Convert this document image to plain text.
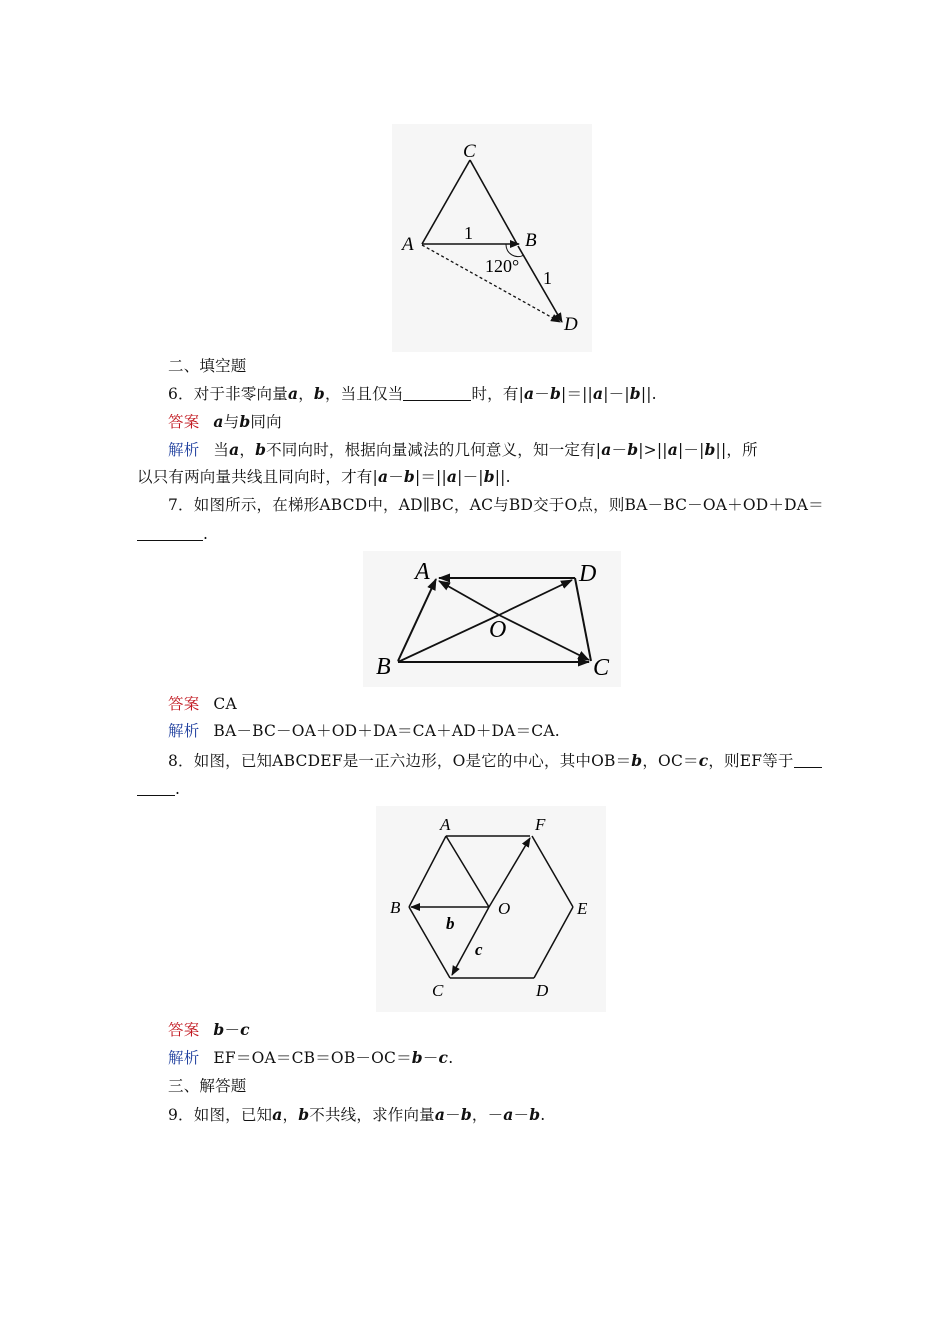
C
A	B
D
1
1
120°
二、填空题
6．对于非零向量a，b，当且仅当	时，有|a－b|＝||a|－|b||.
答案 a与b同向
解析 当a，b不同向时，根据向量减法的几何意义，知一定有|a－b|>||a|－|b||，所
以只有两向量共线且同向时，才有|a－b|＝||a|－|b||.
7．如图所示，在梯形ABCD中，AD∥BC，AC与BD交于O点，则BA－BC－OA＋OD＋DA＝
.
A	D
O
B	C
答案 CA
解析 BA－BC－OA＋OD＋DA＝CA＋AD＋DA＝CA.
8．如图，已知ABCDEF是一正六边形，O是它的中心，其中OB＝b，OC＝c，则EF等于
.
A	F
B	O	E
b
c
C	D
答案 b－c
解析 EF＝OA＝CB＝OB－OC＝b－c.
三、解答题
9．如图，已知a，b不共线，求作向量a－b，－a－b.
